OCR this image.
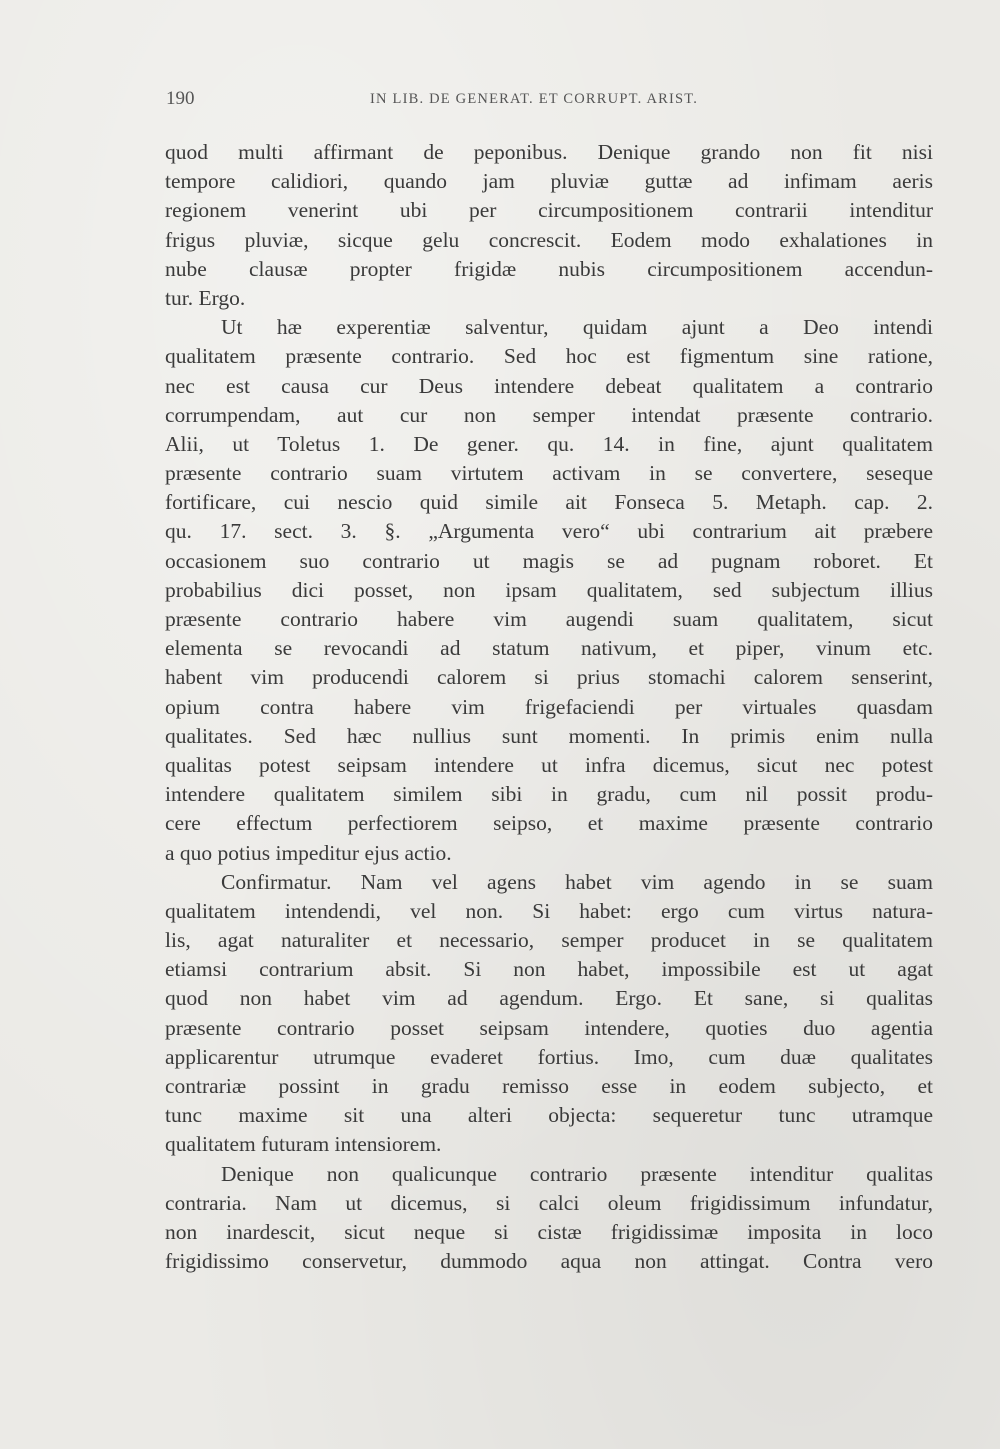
190	IN LIB. DE GENERAT. ET CORRUPT. ARIST.
quod multi affirmant de peponibus. Denique grando non fit nisi
tempore calidiori, quando jam pluviæ guttæ ad infimam aeris
regionem venerint ubi per circumpositionem contrarii intenditur
frigus pluviæ, sicque gelu concrescit. Eodem modo exhalationes in
nube clausæ propter frigidæ nubis circumpositionem accendun-
tur. Ergo.
Ut hæ experentiæ salventur, quidam ajunt a Deo intendi
qualitatem præsente contrario. Sed hoc est figmentum sine ratione,
nec est causa cur Deus intendere debeat qualitatem a contrario
corrumpendam, aut cur non semper intendat præsente contrario.
Alii, ut Toletus 1. De gener. qu. 14. in fine, ajunt qualitatem
præsente contrario suam virtutem activam in se convertere, seseque
fortificare, cui nescio quid simile ait Fonseca 5. Metaph. cap. 2.
qu. 17. sect. 3. §. „Argumenta vero“ ubi contrarium ait præbere
occasionem suo contrario ut magis se ad pugnam roboret. Et
probabilius dici posset, non ipsam qualitatem, sed subjectum illius
præsente contrario habere vim augendi suam qualitatem, sicut
elementa se revocandi ad statum nativum, et piper, vinum etc.
habent vim producendi calorem si prius stomachi calorem senserint,
opium contra habere vim frigefaciendi per virtuales quasdam
qualitates. Sed hæc nullius sunt momenti. In primis enim nulla
qualitas potest seipsam intendere ut infra dicemus, sicut nec potest
intendere qualitatem similem sibi in gradu, cum nil possit produ-
cere effectum perfectiorem seipso, et maxime præsente contrario
a quo potius impeditur ejus actio.
Confirmatur. Nam vel agens habet vim agendo in se suam
qualitatem intendendi, vel non. Si habet: ergo cum virtus natura-
lis, agat naturaliter et necessario, semper producet in se qualitatem
etiamsi contrarium absit. Si non habet, impossibile est ut agat
quod non habet vim ad agendum. Ergo. Et sane, si qualitas
præsente contrario posset seipsam intendere, quoties duo agentia
applicarentur utrumque evaderet fortius. Imo, cum duæ qualitates
contrariæ possint in gradu remisso esse in eodem subjecto, et
tunc maxime sit una alteri objecta: sequeretur tunc utramque
qualitatem futuram intensiorem.
Denique non qualicunque contrario præsente intenditur qualitas
contraria. Nam ut dicemus, si calci oleum frigidissimum infundatur,
non inardescit, sicut neque si cistæ frigidissimæ imposita in loco
frigidissimo conservetur, dummodo aqua non attingat. Contra vero
